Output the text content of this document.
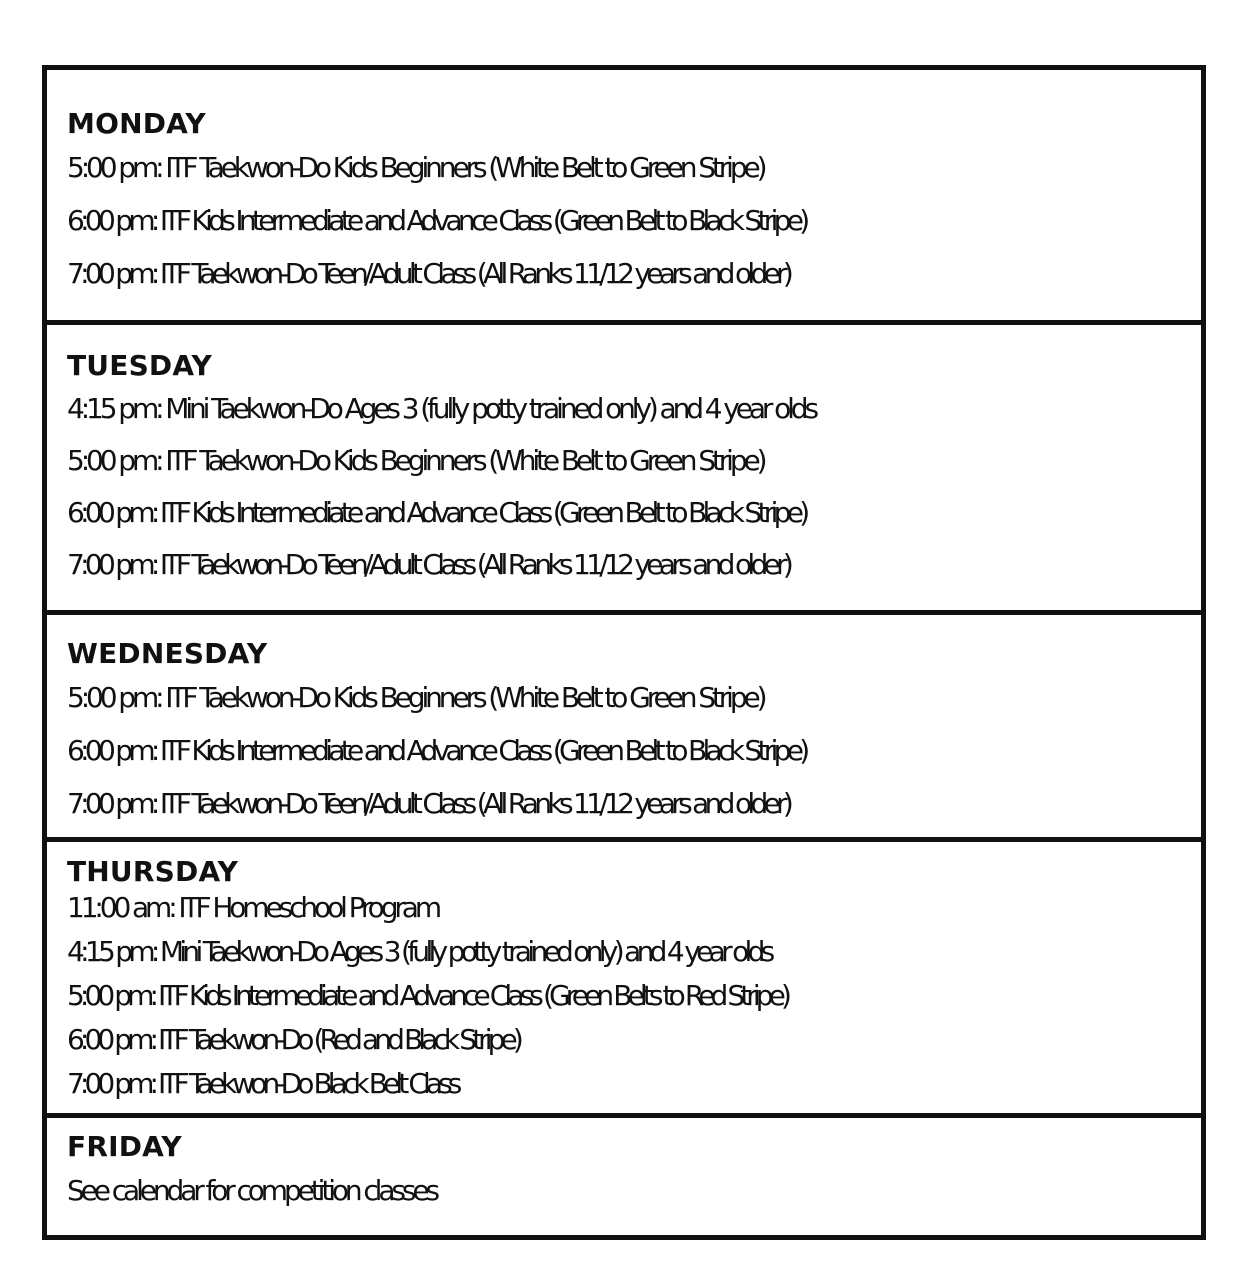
MONDAY
5:00 pm: ITF Taekwon-Do Kids Beginners (White Belt to Green Stripe)
6:00 pm: ITF Kids Intermediate and Advance Class (Green Belt to Black Stripe)
7:00 pm: ITF Taekwon-Do Teen/Adult Class (All Ranks 11/12 years and older)
TUESDAY
4:15 pm: Mini Taekwon-Do Ages 3 (fully potty trained only) and 4 year olds
5:00 pm: ITF Taekwon-Do Kids Beginners (White Belt to Green Stripe)
6:00 pm: ITF Kids Intermediate and Advance Class (Green Belt to Black Stripe)
7:00 pm: ITF Taekwon-Do Teen/Adult Class (All Ranks 11/12 years and older)
WEDNESDAY
5:00 pm: ITF Taekwon-Do Kids Beginners (White Belt to Green Stripe)
6:00 pm: ITF Kids Intermediate and Advance Class (Green Belt to Black Stripe)
7:00 pm: ITF Taekwon-Do Teen/Adult Class (All Ranks 11/12 years and older)
THURSDAY
11:00 am: ITF Homeschool Program
4:15 pm: Mini Taekwon-Do Ages 3 (fully potty trained only) and 4 year olds
5:00 pm: ITF Kids Intermediate and Advance Class (Green Belts to Red Stripe)
6:00 pm: ITF Taekwon-Do (Red and Black Stripe)
7:00 pm: ITF Taekwon-Do Black Belt Class
FRIDAY
See calendar for competition classes
